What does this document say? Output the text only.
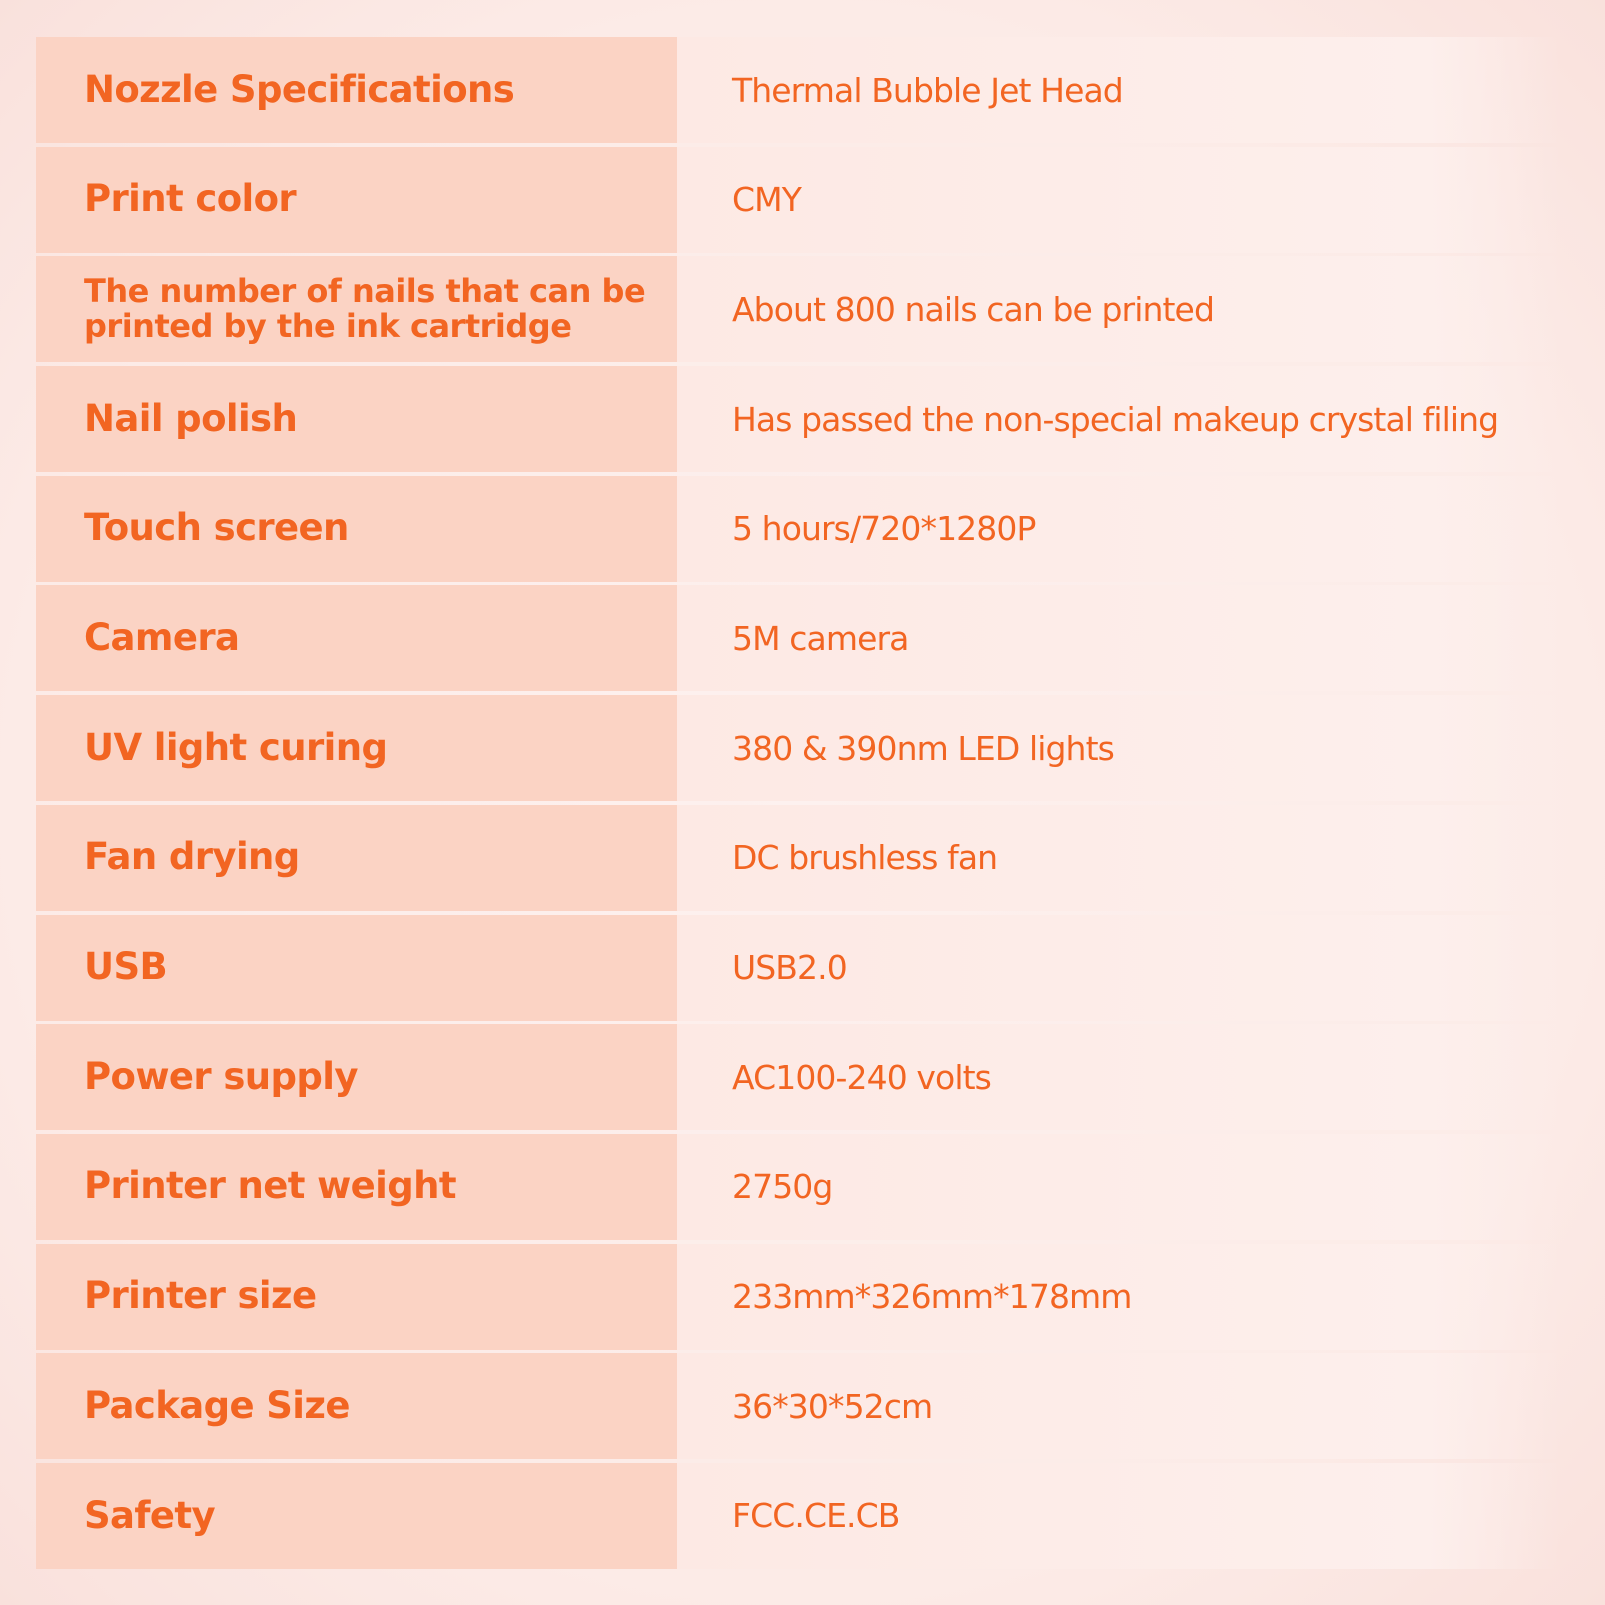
Nozzle Specifications	Thermal Bubble Jet Head
Print color	CMY
The number of nails that can be printed by the ink cartridge	About 800 nails can be printed
Nail polish	Has passed the non-special makeup crystal filing
Touch screen	5 hours/720*1280P
Camera	5M camera
UV light curing	380 & 390nm LED lights
Fan drying	DC brushless fan
USB	USB2.0
Power supply	AC100-240 volts
Printer net weight	2750g
Printer size	233mm*326mm*178mm
Package Size	36*30*52cm
Safety	FCC.CE.CB
